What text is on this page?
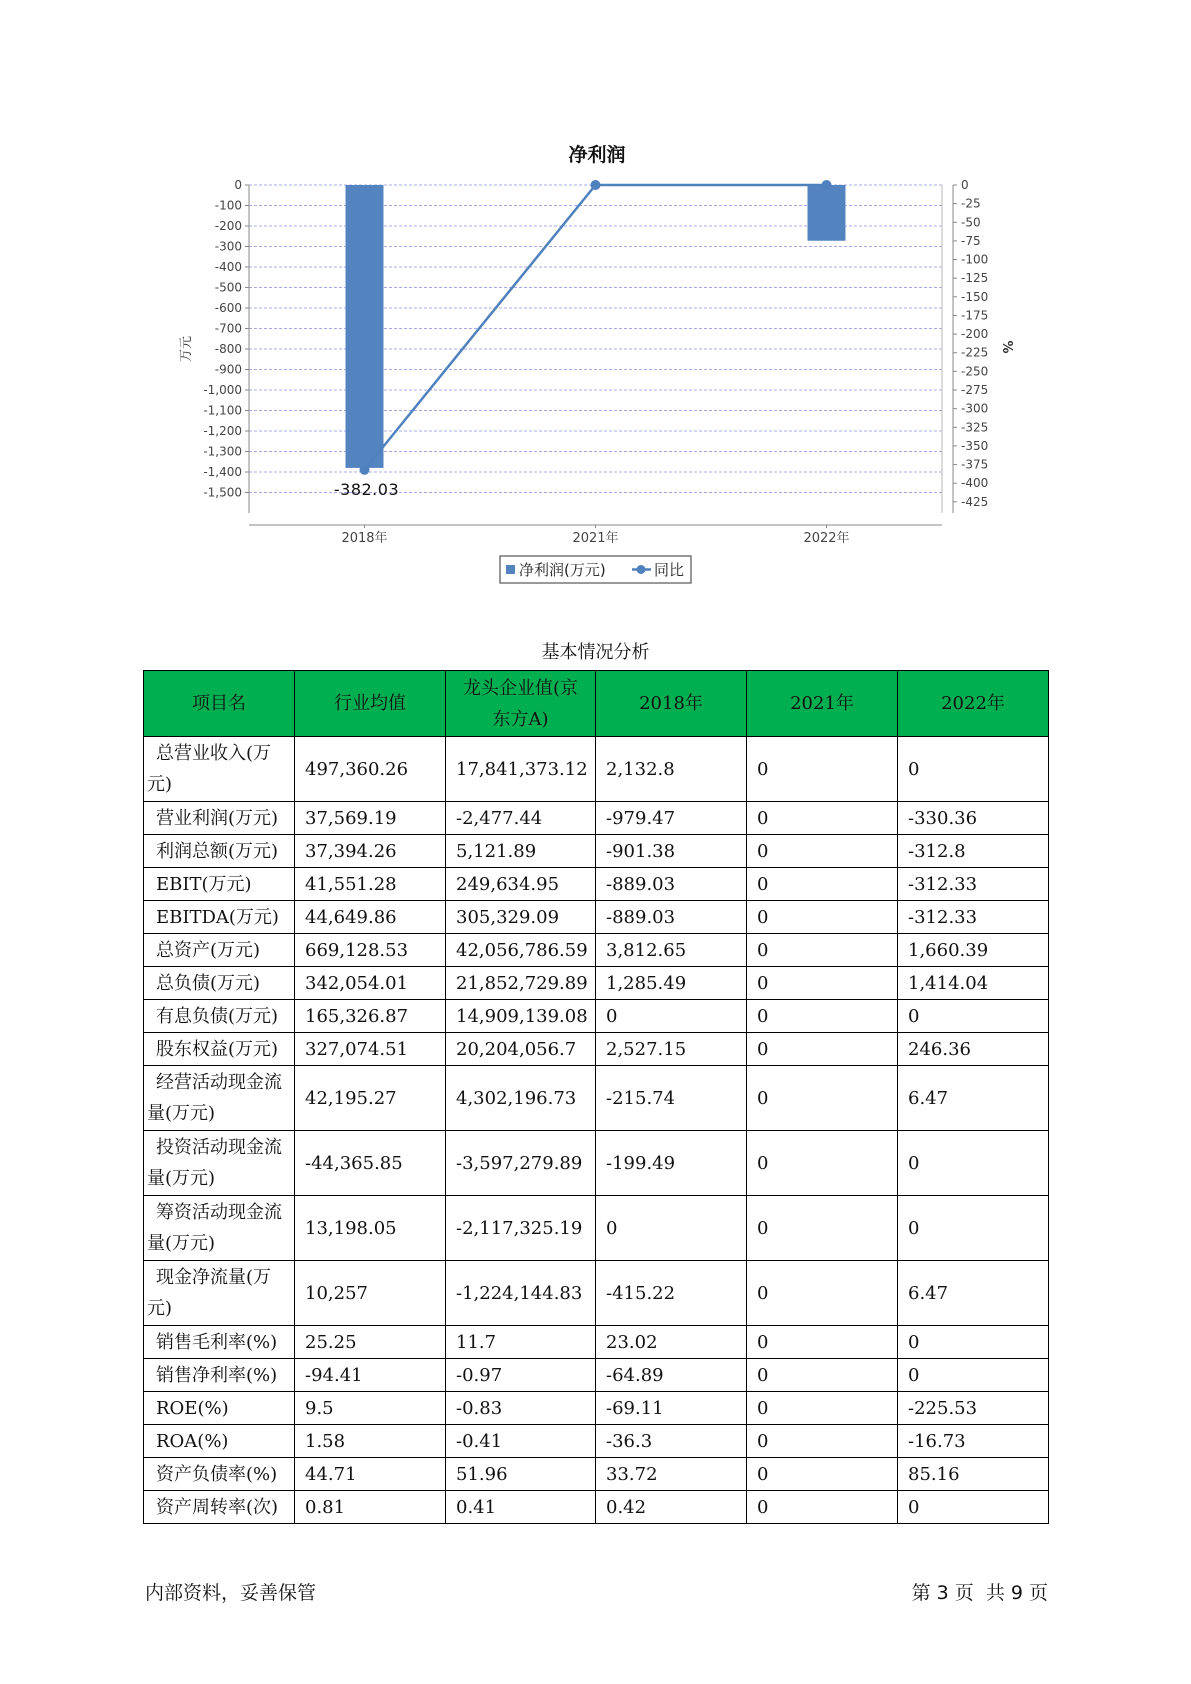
净利润
0
-100
-200
-300
-400
-500
-600
-700
-800
-900
-1,000
-1,100
-1,200
-1,300
-1,400
-1,500
0
-25
-50
-75
-100
-125
-150
-175
-200
-225
-250
-275
-300
-325
-350
-375
-400
-425
2018年	2021年	2022年
-382.03
万元	%
净利润(万元)	同比
基本情况分析
项目名	行业均值	龙头企业值(京东方A)	2018年	2021年	2022年
总营业收入(万元)	497,360.26	17,841,373.12	2,132.8	0	0
营业利润(万元)	37,569.19	-2,477.44	-979.47	0	-330.36
利润总额(万元)	37,394.26	5,121.89	-901.38	0	-312.8
EBIT(万元)	41,551.28	249,634.95	-889.03	0	-312.33
EBITDA(万元)	44,649.86	305,329.09	-889.03	0	-312.33
总资产(万元)	669,128.53	42,056,786.59	3,812.65	0	1,660.39
总负债(万元)	342,054.01	21,852,729.89	1,285.49	0	1,414.04
有息负债(万元)	165,326.87	14,909,139.08	0	0	0
股东权益(万元)	327,074.51	20,204,056.7	2,527.15	0	246.36
经营活动现金流量(万元)	42,195.27	4,302,196.73	-215.74	0	6.47
投资活动现金流量(万元)	-44,365.85	-3,597,279.89	-199.49	0	0
筹资活动现金流量(万元)	13,198.05	-2,117,325.19	0	0	0
现金净流量(万元)	10,257	-1,224,144.83	-415.22	0	6.47
销售毛利率(%)	25.25	11.7	23.02	0	0
销售净利率(%)	-94.41	-0.97	-64.89	0	0
ROE(%)	9.5	-0.83	-69.11	0	-225.53
ROA(%)	1.58	-0.41	-36.3	0	-16.73
资产负债率(%)	44.71	51.96	33.72	0	85.16
资产周转率(次)	0.81	0.41	0.42	0	0
内部资料，妥善保管	第 3 页  共 9 页
